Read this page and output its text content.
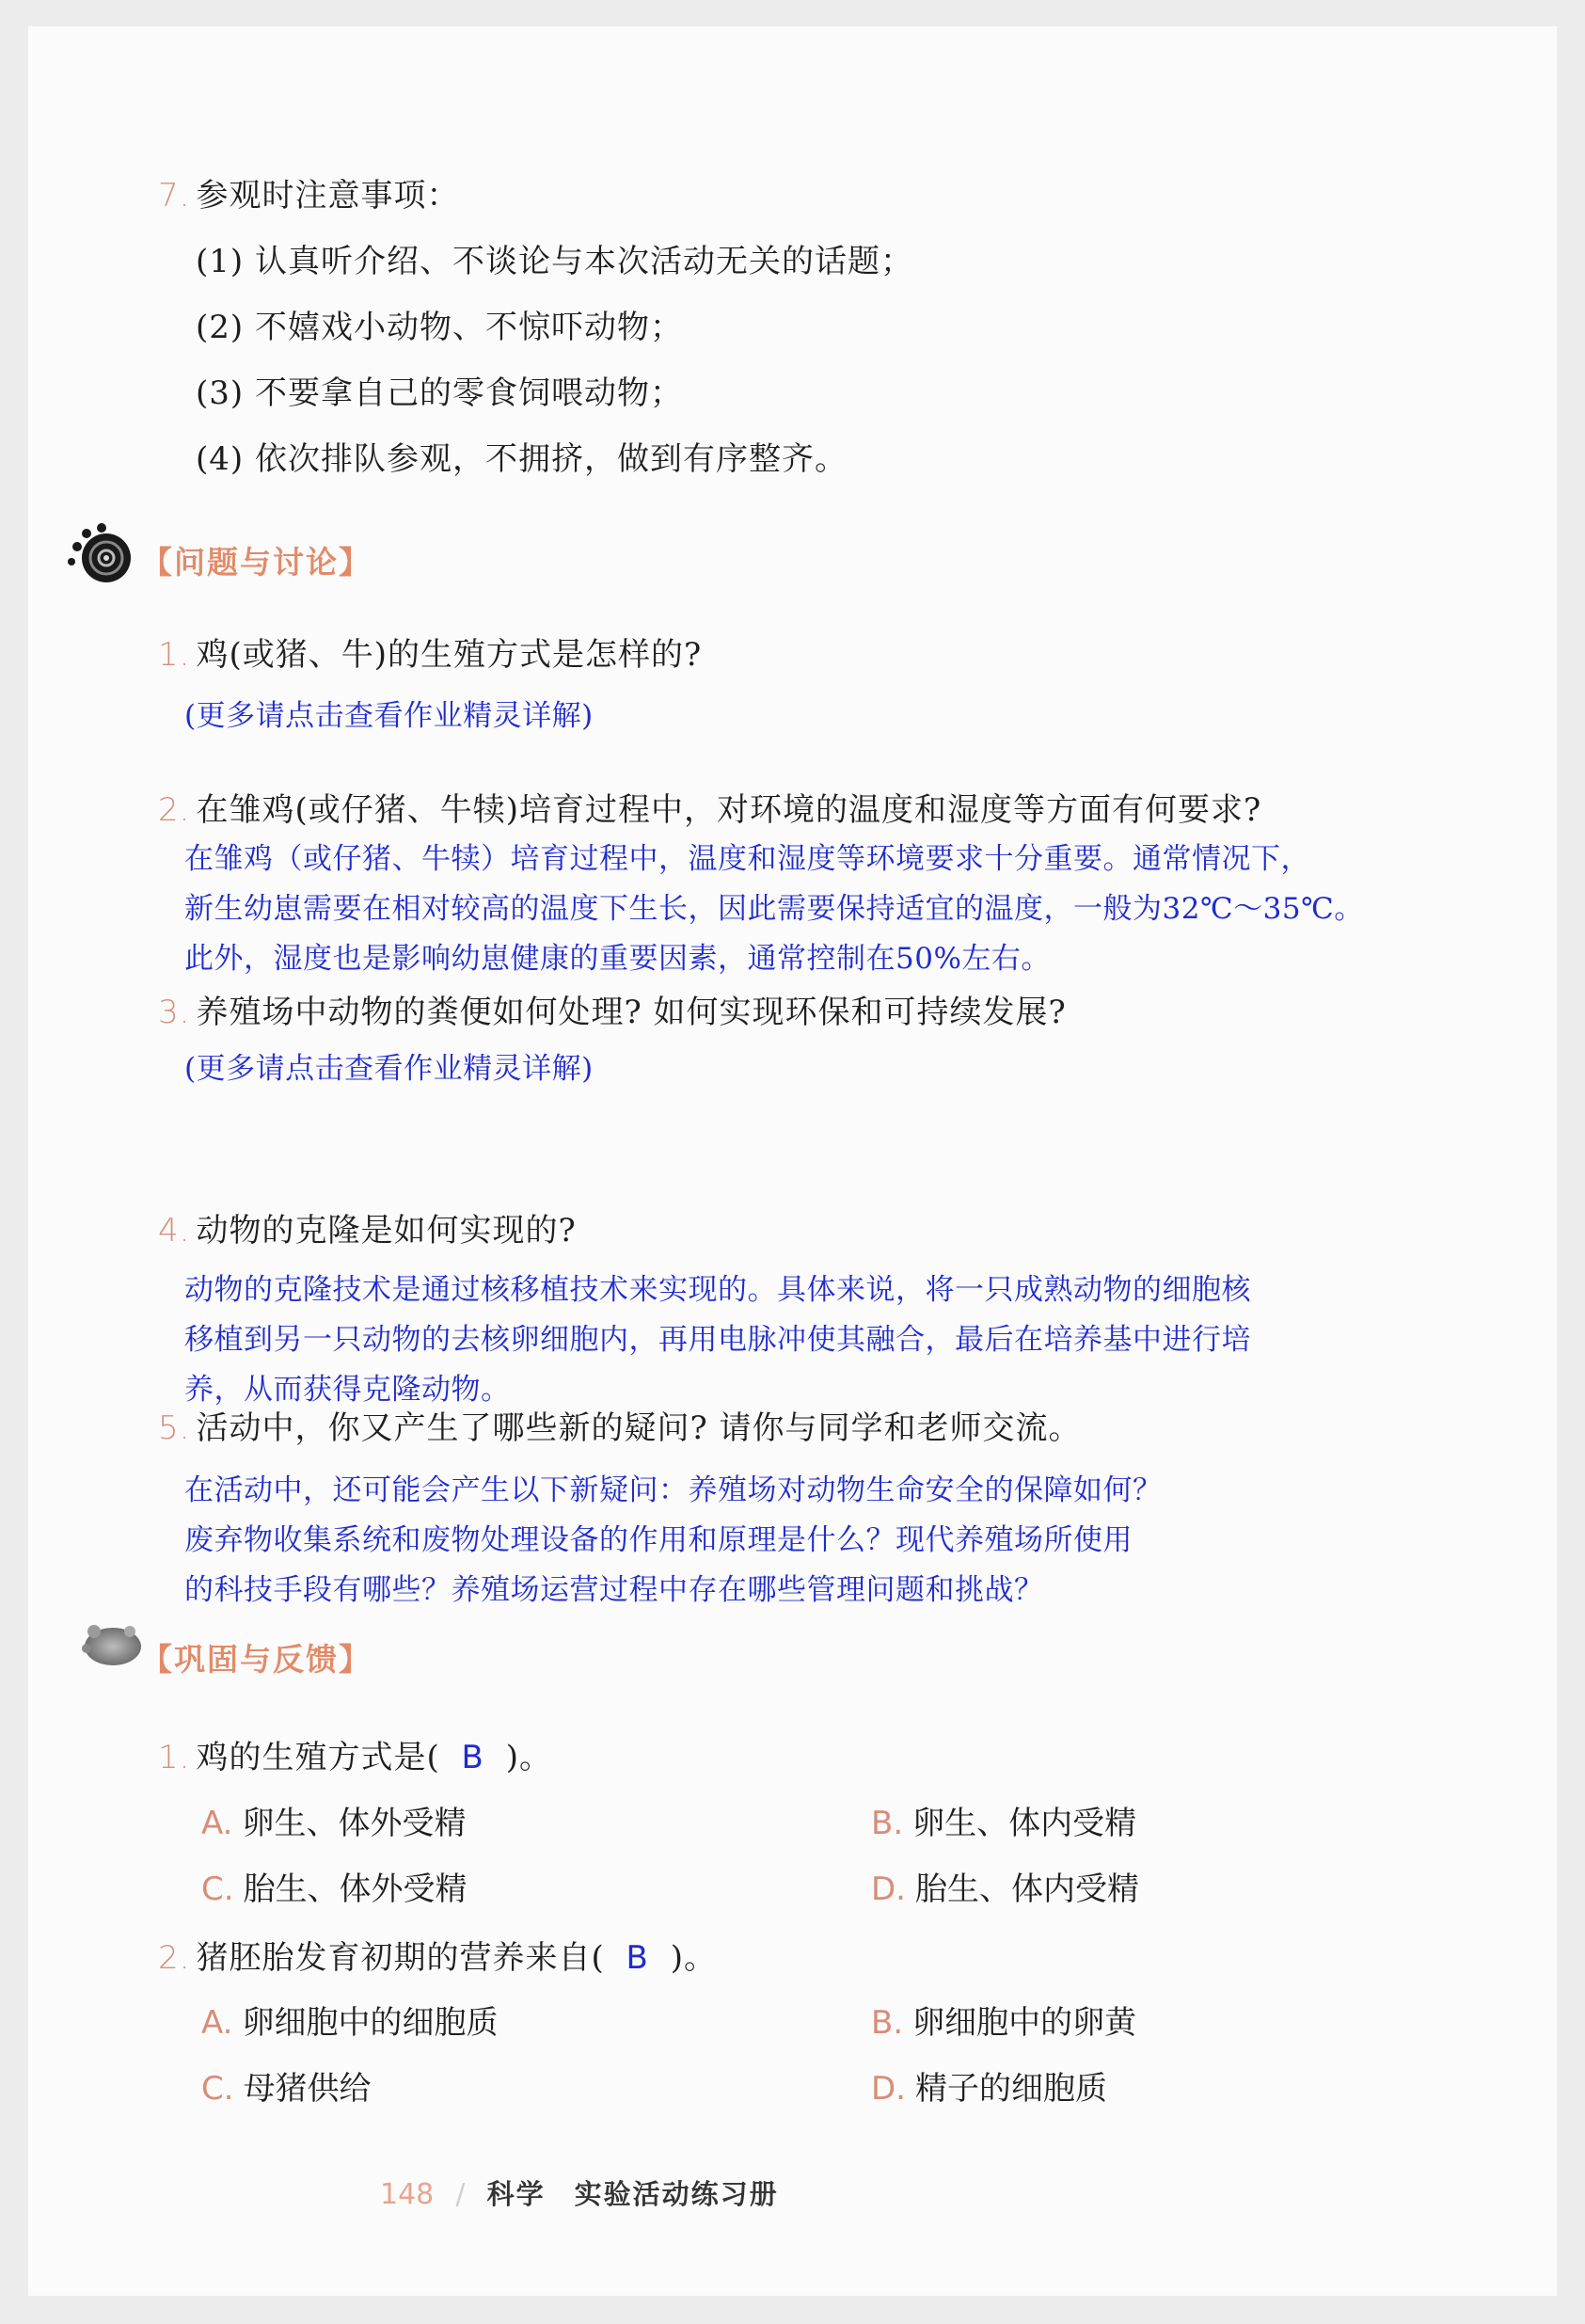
7. 参观时注意事项：
(1) 认真听介绍、不谈论与本次活动无关的话题；
(2) 不嬉戏小动物、不惊吓动物；
(3) 不要拿自己的零食饲喂动物；
(4) 依次排队参观，不拥挤，做到有序整齐。
【问题与讨论】
1. 鸡(或猪、牛)的生殖方式是怎样的?
(更多请点击查看作业精灵详解)
2. 在雏鸡(或仔猪、牛犊)培育过程中，对环境的温度和湿度等方面有何要求?
在雏鸡（或仔猪、牛犊）培育过程中，温度和湿度等环境要求十分重要。通常情况下，
新生幼崽需要在相对较高的温度下生长，因此需要保持适宜的温度，一般为32℃～35℃。
此外，湿度也是影响幼崽健康的重要因素，通常控制在50%左右。
3. 养殖场中动物的粪便如何处理? 如何实现环保和可持续发展?
(更多请点击查看作业精灵详解)
4. 动物的克隆是如何实现的?
动物的克隆技术是通过核移植技术来实现的。具体来说，将一只成熟动物的细胞核
移植到另一只动物的去核卵细胞内，再用电脉冲使其融合，最后在培养基中进行培
养，从而获得克隆动物。
5. 活动中，你又产生了哪些新的疑问? 请你与同学和老师交流。
在活动中，还可能会产生以下新疑问：养殖场对动物生命安全的保障如何？
废弃物收集系统和废物处理设备的作用和原理是什么？现代养殖场所使用
的科技手段有哪些？养殖场运营过程中存在哪些管理问题和挑战？
【巩固与反馈】
1. 鸡的生殖方式是( B )。
A. 卵生、体外受精	B. 卵生、体内受精
C. 胎生、体外受精	D. 胎生、体内受精
2. 猪胚胎发育初期的营养来自( B )。
A. 卵细胞中的细胞质	B. 卵细胞中的卵黄
C. 母猪供给	D. 精子的细胞质
148 / 科学 实验活动练习册
